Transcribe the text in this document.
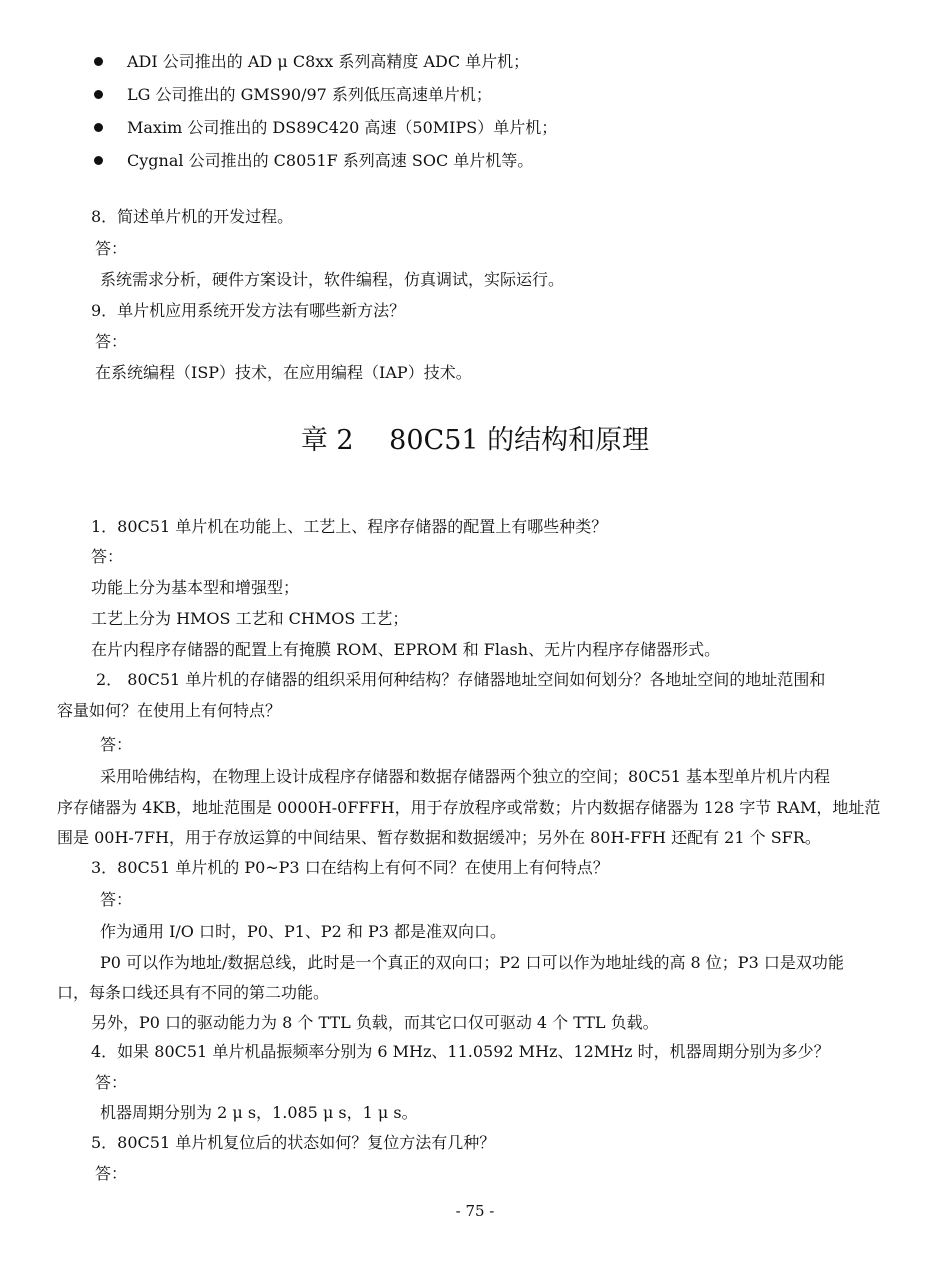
ADI 公司推出的 AD μ C8xx 系列高精度 ADC 单片机；
LG 公司推出的 GMS90/97 系列低压高速单片机；
Maxim 公司推出的 DS89C420 高速（50MIPS）单片机；
Cygnal 公司推出的 C8051F 系列高速 SOC 单片机等。
8．简述单片机的开发过程。
答：
系统需求分析，硬件方案设计，软件编程，仿真调试，实际运行。
9．单片机应用系统开发方法有哪些新方法？
答：
在系统编程（ISP）技术，在应用编程（IAP）技术。
章 2　 80C51 的结构和原理
1．80C51 单片机在功能上、工艺上、程序存储器的配置上有哪些种类？
答：
功能上分为基本型和增强型；
工艺上分为 HMOS 工艺和 CHMOS 工艺；
在片内程序存储器的配置上有掩膜 ROM、EPROM 和 Flash、无片内程序存储器形式。
2． 80C51 单片机的存储器的组织采用何种结构？存储器地址空间如何划分？各地址空间的地址范围和
容量如何？在使用上有何特点？
答：
采用哈佛结构，在物理上设计成程序存储器和数据存储器两个独立的空间；80C51 基本型单片机片内程
序存储器为 4KB，地址范围是 0000H-0FFFH，用于存放程序或常数；片内数据存储器为 128 字节 RAM，地址范
围是 00H-7FH，用于存放运算的中间结果、暂存数据和数据缓冲；另外在 80H-FFH 还配有 21 个 SFR。
3．80C51 单片机的 P0~P3 口在结构上有何不同？在使用上有何特点？
答：
作为通用 I/O 口时，P0、P1、P2 和 P3 都是准双向口。
P0 可以作为地址/数据总线，此时是一个真正的双向口；P2 口可以作为地址线的高 8 位；P3 口是双功能
口，每条口线还具有不同的第二功能。
另外，P0 口的驱动能力为 8 个 TTL 负载，而其它口仅可驱动 4 个 TTL 负载。
4．如果 80C51 单片机晶振频率分别为 6 MHz、11.0592 MHz、12MHz 时，机器周期分别为多少？
答：
机器周期分别为 2 μ s，1.085 μ s，1 μ s。
5．80C51 单片机复位后的状态如何？复位方法有几种？
答：
- 75 -
